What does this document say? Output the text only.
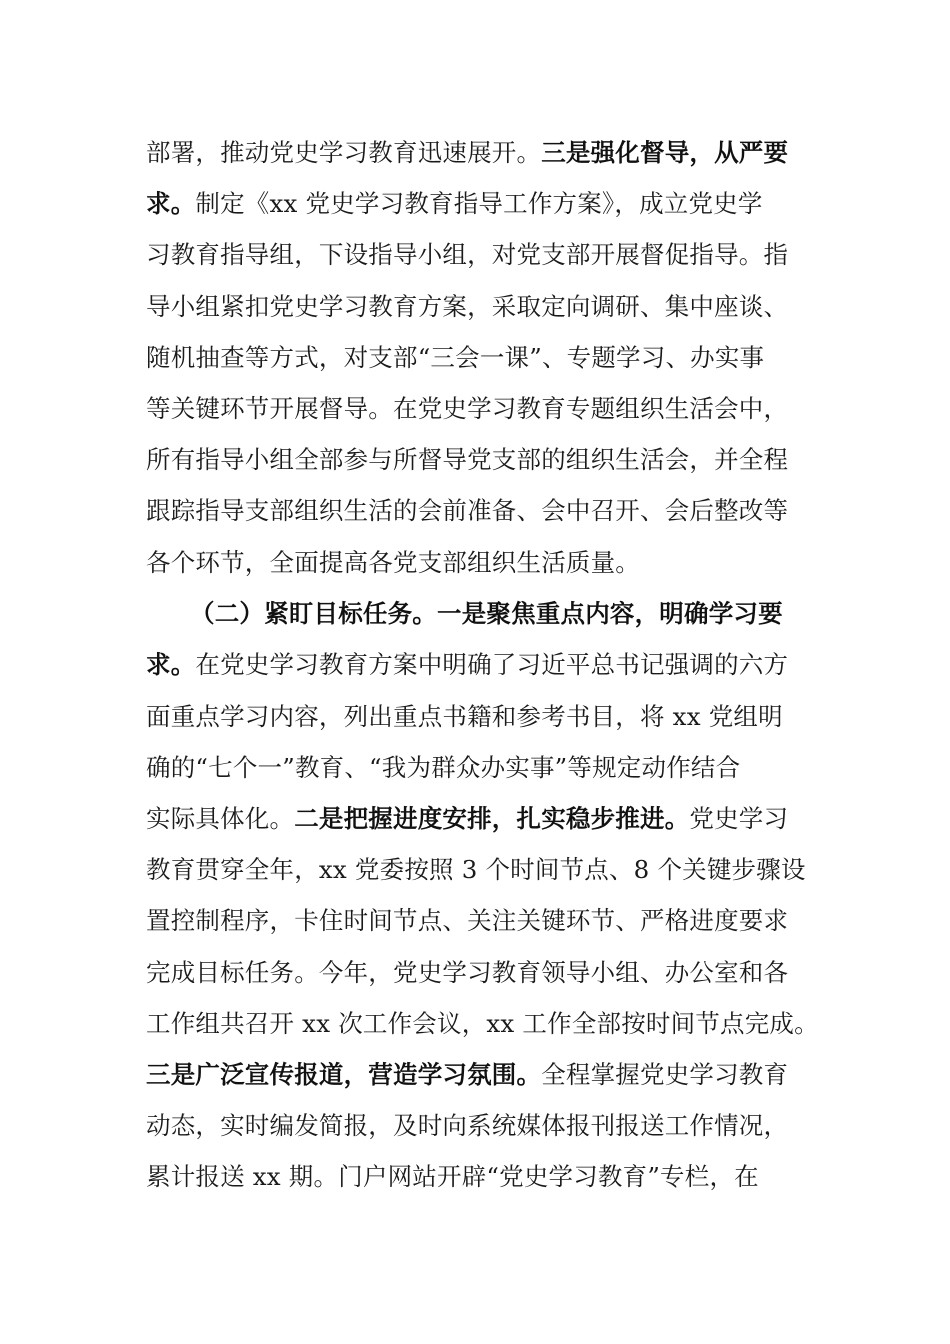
部署，推动党史学习教育迅速展开。三是强化督导，从严要
求。制定《xx 党史学习教育指导工作方案》，成立党史学
习教育指导组，下设指导小组，对党支部开展督促指导。指
导小组紧扣党史学习教育方案，采取定向调研、集中座谈、
随机抽查等方式，对支部“三会一课”、专题学习、办实事
等关键环节开展督导。在党史学习教育专题组织生活会中，
所有指导小组全部参与所督导党支部的组织生活会，并全程
跟踪指导支部组织生活的会前准备、会中召开、会后整改等
各个环节，全面提高各党支部组织生活质量。
（二）紧盯目标任务。一是聚焦重点内容，明确学习要
求。在党史学习教育方案中明确了习近平总书记强调的六方
面重点学习内容，列出重点书籍和参考书目，将 xx 党组明
确的“七个一”教育、“我为群众办实事”等规定动作结合
实际具体化。二是把握进度安排，扎实稳步推进。党史学习
教育贯穿全年，xx 党委按照 3 个时间节点、8 个关键步骤设
置控制程序，卡住时间节点、关注关键环节、严格进度要求
完成目标任务。今年，党史学习教育领导小组、办公室和各
工作组共召开 xx 次工作会议，xx 工作全部按时间节点完成。
三是广泛宣传报道，营造学习氛围。全程掌握党史学习教育
动态，实时编发简报，及时向系统媒体报刊报送工作情况，
累计报送 xx 期。门户网站开辟“党史学习教育”专栏，在
